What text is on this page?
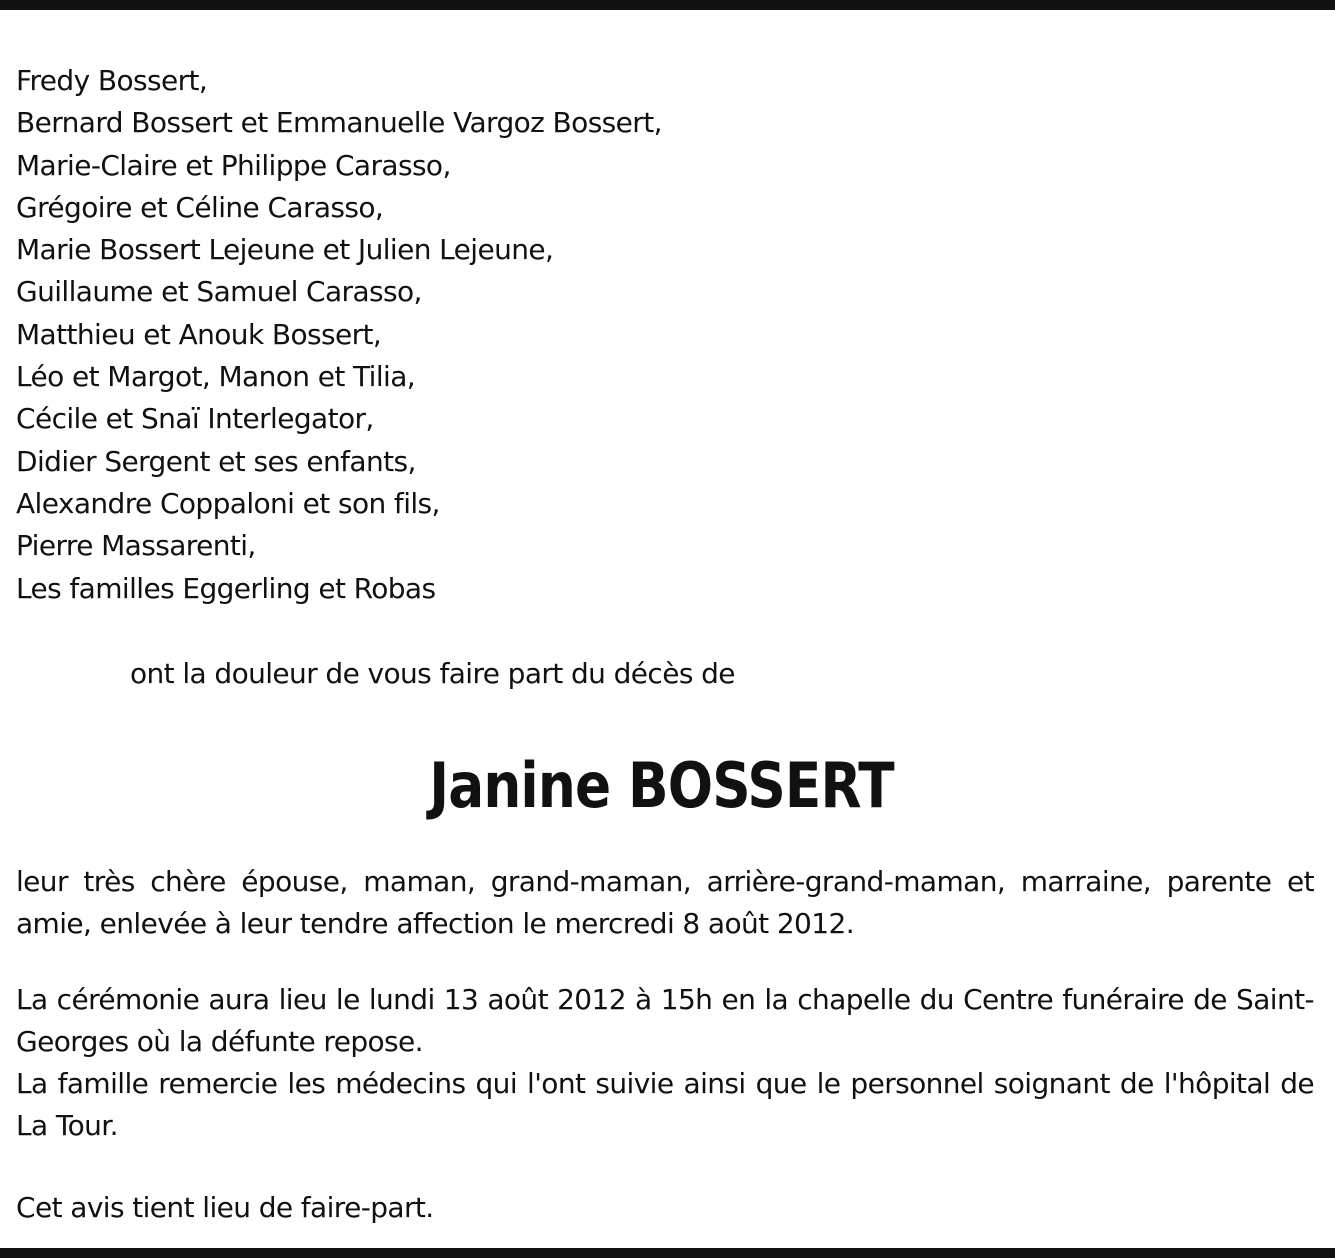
Fredy Bossert,
Bernard Bossert et Emmanuelle Vargoz Bossert,
Marie-Claire et Philippe Carasso,
Grégoire et Céline Carasso,
Marie Bossert Lejeune et Julien Lejeune,
Guillaume et Samuel Carasso,
Matthieu et Anouk Bossert,
Léo et Margot, Manon et Tilia,
Cécile et Snaï Interlegator,
Didier Sergent et ses enfants,
Alexandre Coppaloni et son fils,
Pierre Massarenti,
Les familles Eggerling et Robas
ont la douleur de vous faire part du décès de
Janine BOSSERT

leur très chère épouse, maman, grand-maman, arrière-grand-maman, marraine, parente et amie, enlevée à leur tendre affection le mercredi 8 août 2012.

La cérémonie aura lieu le lundi 13 août 2012 à 15h en la chapelle du Centre funéraire de Saint-Georges où la défunte repose.

La famille remercie les médecins qui l'ont suivie ainsi que le personnel soignant de l'hôpital de La Tour.

Cet avis tient lieu de faire-part.
